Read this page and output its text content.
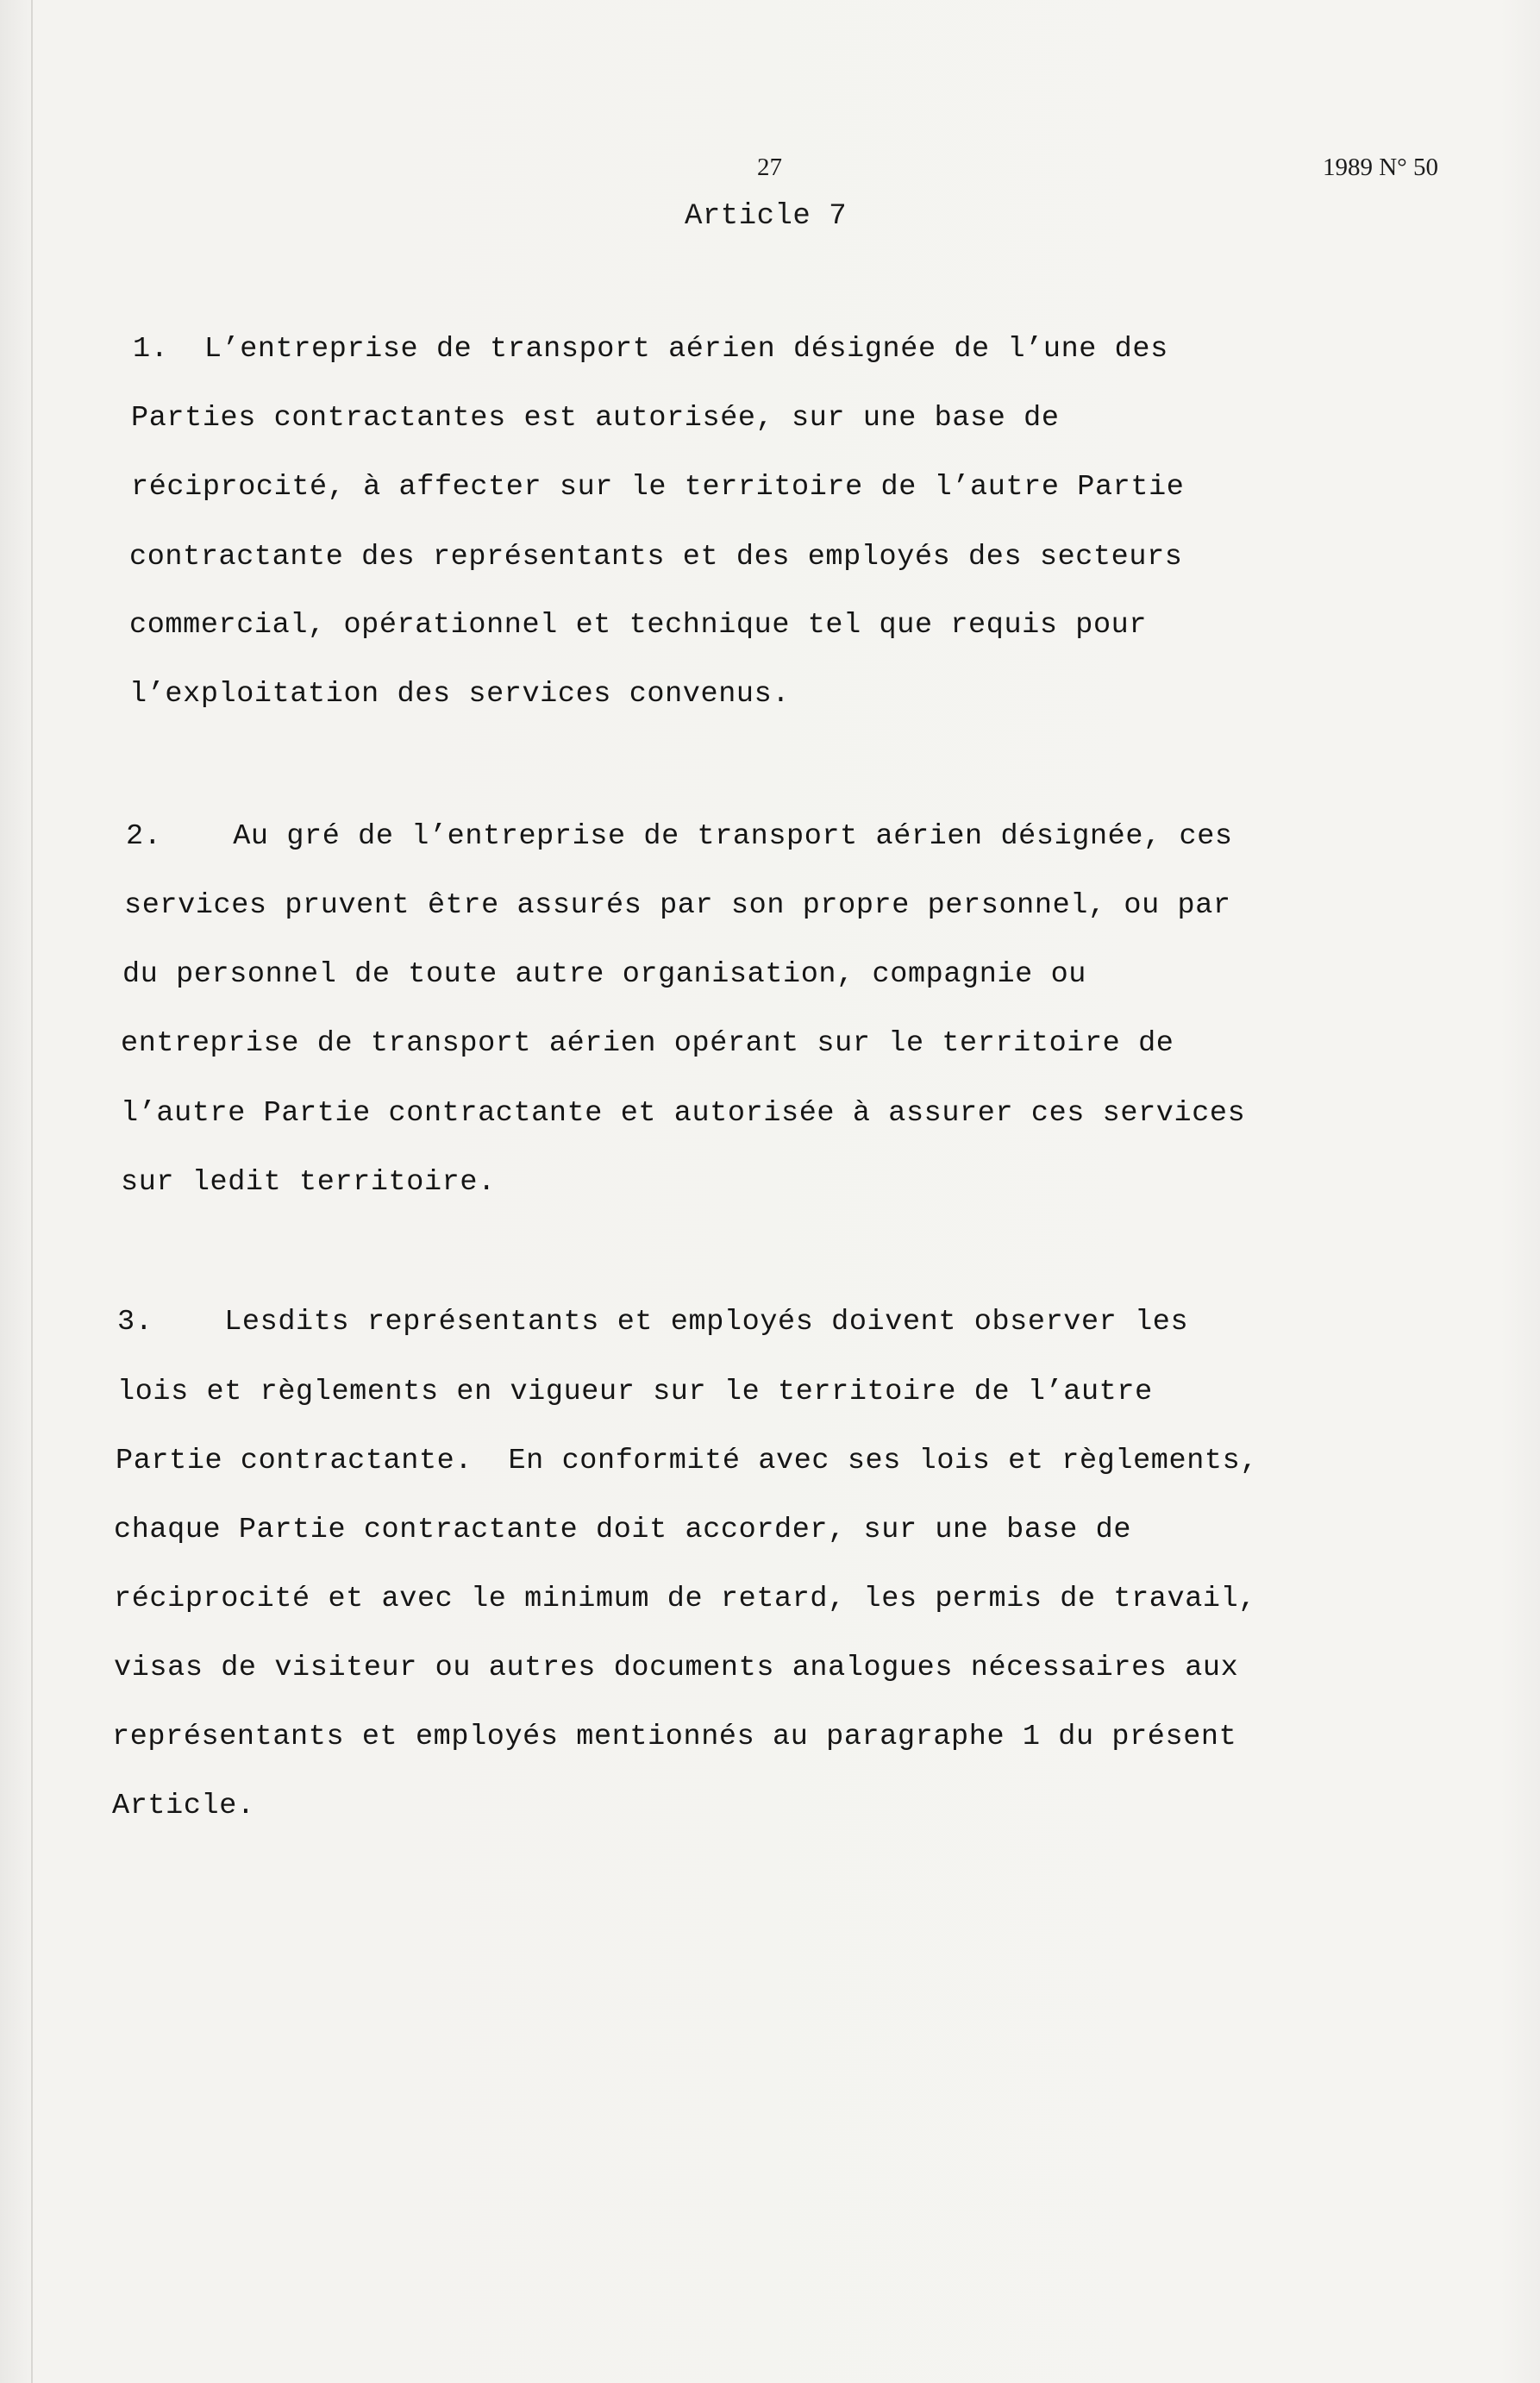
27	1989 N° 50
Article 7
1.  L’entreprise de transport aérien désignée de l’une des
Parties contractantes est autorisée, sur une base de
réciprocité, à affecter sur le territoire de l’autre Partie
contractante des représentants et des employés des secteurs
commercial, opérationnel et technique tel que requis pour
l’exploitation des services convenus.
2.    Au gré de l’entreprise de transport aérien désignée, ces
services pruvent être assurés par son propre personnel, ou par
du personnel de toute autre organisation, compagnie ou
entreprise de transport aérien opérant sur le territoire de
l’autre Partie contractante et autorisée à assurer ces services
sur ledit territoire.
3.    Lesdits représentants et employés doivent observer les
lois et règlements en vigueur sur le territoire de l’autre
Partie contractante.  En conformité avec ses lois et règlements,
chaque Partie contractante doit accorder, sur une base de
réciprocité et avec le minimum de retard, les permis de travail,
visas de visiteur ou autres documents analogues nécessaires aux
représentants et employés mentionnés au paragraphe 1 du présent
Article.
